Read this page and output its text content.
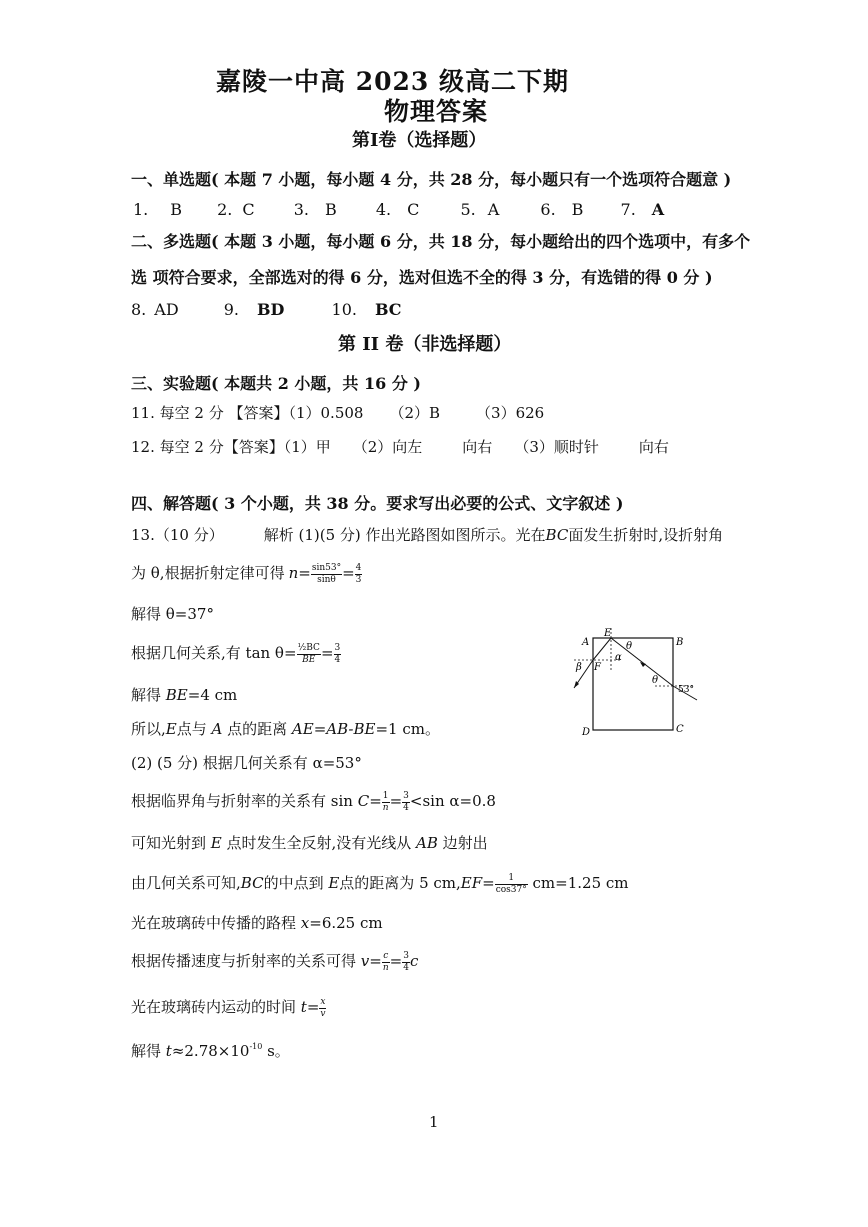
嘉陵一中高 2023 级高二下期
物理答案
第Ⅰ卷（选择题）
一、单选题( 本题 7 小题，每小题 4 分，共 28 分，每小题只有一个选项符合题意 )
1. B 2. C 3. B 4. C	5. A	6. B 7. A
二、多选题( 本题 3 小题，每小题 6 分，共 18 分，每小题给出的四个选项中，有多个
选 项符合要求，全部选对的得 6 分，选对但选不全的得 3 分，有选错的得 0 分 )
8. AD	9. BD	10. BC
第 II 卷（非选择题）
三、实验题( 本题共 2 小题，共 16 分 )
11. 每空 2 分 【答案】（1）0.508 （2）B （3）626
12. 每空 2 分【答案】（1）甲 （2）向左	向右 （3）顺时针	向右
四、解答题( 3 个小题，共 38 分。要求写出必要的公式、文字叙述 )
13.（10 分）	解析 (1)(5 分) 作出光路图如图所示。光在BC面发生折射时,设折射角
为 θ,根据折射定律可得 $n= \frac{\sin 53^\circ}{\sin\theta} = \frac{4}{3}$
解得 θ=37°
根据几何关系,有 $\tan \theta= \frac{\text{½BC}}{BE} = \frac{3}{4}$
解得 BE=4 cm
所以,E点与 A 点的距离 AE=AB-BE=1 cm。
(2) (5 分) 根据几何关系有 α=53°
根据临界角与折射率的关系有 $\sin C= \frac{1}{n} = \frac{3}{4} <\sin$ α=0.8
可知光射到 E 点时发生全反射,没有光线从 AB 边射出
由几何关系可知,BC的中点到 E点的距离为 5 $cm,EF= \frac{1}{\cos 37^\circ} cm=1.25$ cm
光在玻璃砖中传播的路程 x=6.25 cm
根据传播速度与折射率的关系可得 $v= \frac{c}{n} = \frac{3}{4}$ c
光在玻璃砖内运动的时间 $t= \frac{x}{v}$
解得 $t\approx 2.78\times 10^{-10}$ s。
A	B
C
D
E
F
θ
α
β
θ
53°
1
